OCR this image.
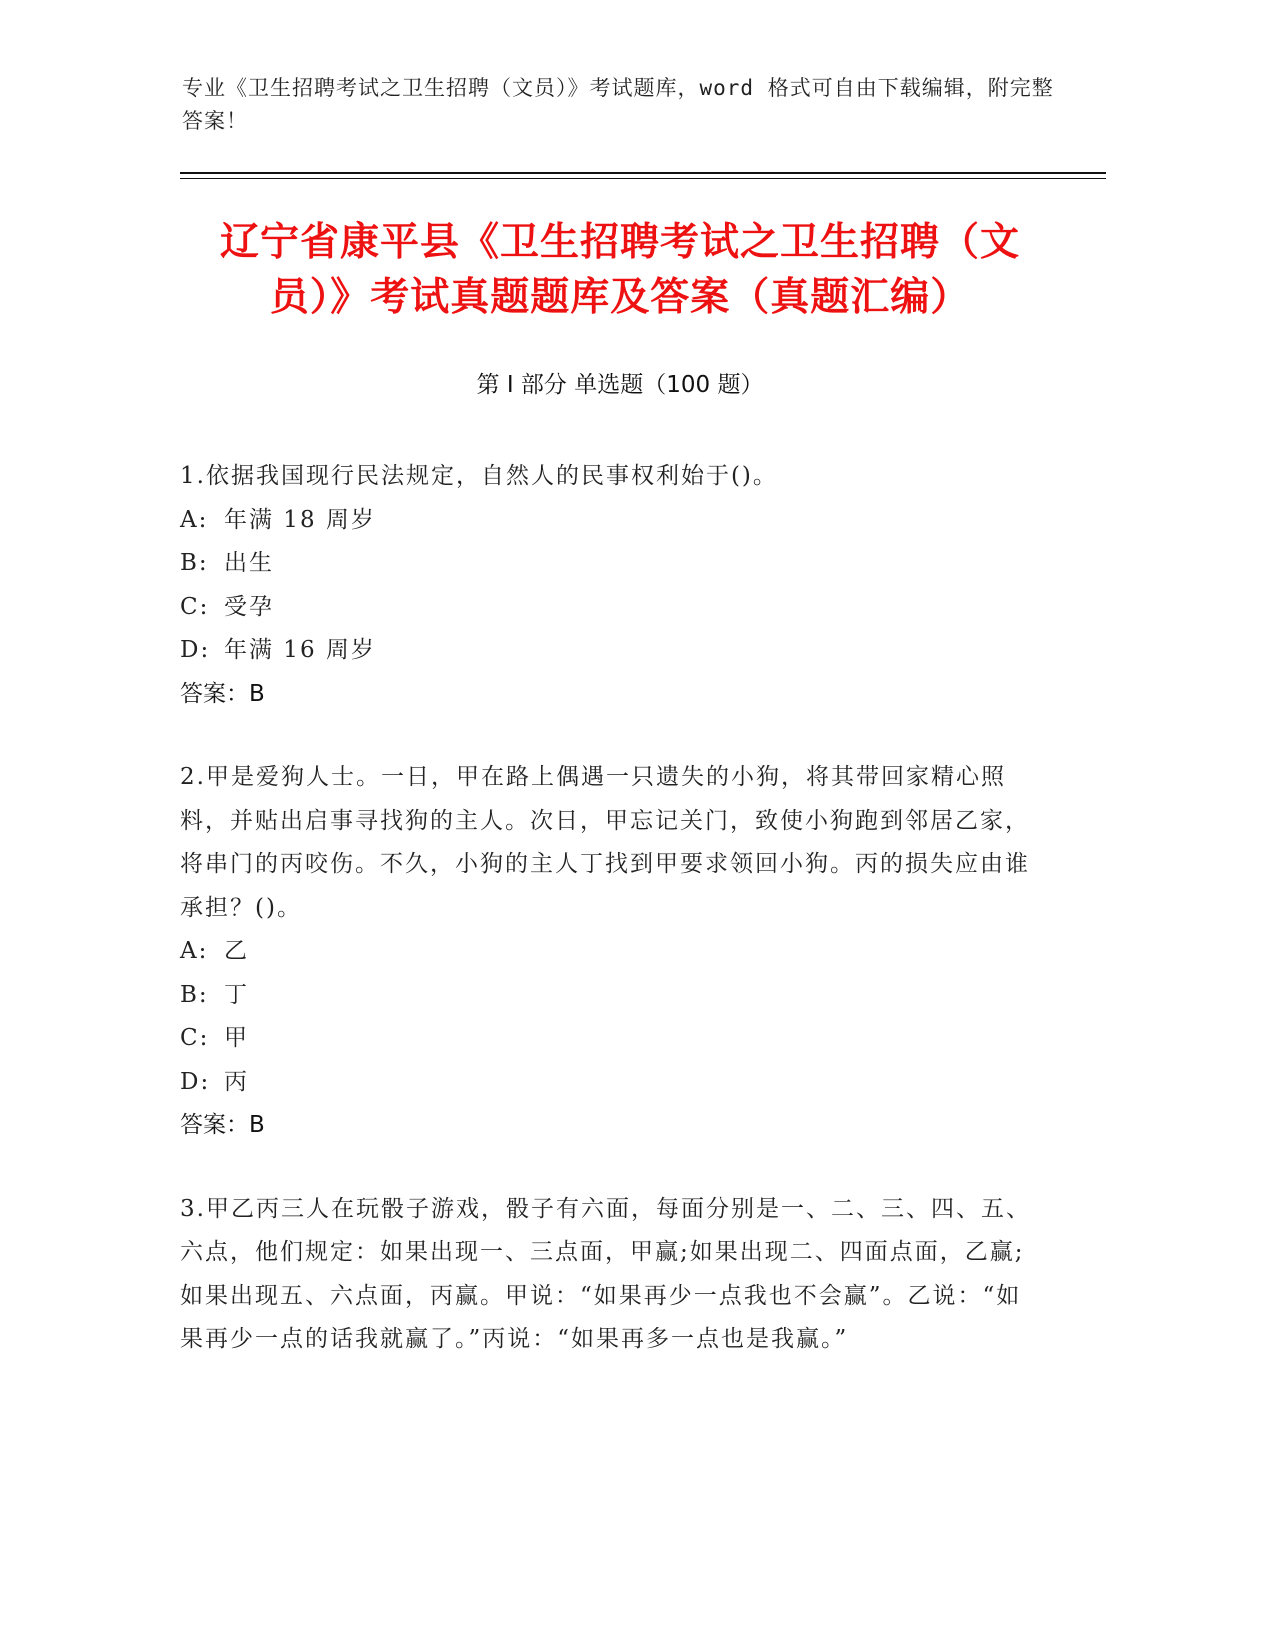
专业《卫生招聘考试之卫生招聘（文员）》考试题库，word 格式可自由下载编辑，附完整答案！
辽宁省康平县《卫生招聘考试之卫生招聘（文员）》考试真题题库及答案（真题汇编）
第 I 部分 单选题（100 题）
1.依据我国现行民法规定，自然人的民事权利始于()。
A: 年满 18 周岁
B: 出生
C: 受孕
D: 年满 16 周岁
答案：B
2.甲是爱狗人士。一日，甲在路上偶遇一只遗失的小狗，将其带回家精心照料，并贴出启事寻找狗的主人。次日，甲忘记关门，致使小狗跑到邻居乙家，将串门的丙咬伤。不久，小狗的主人丁找到甲要求领回小狗。丙的损失应由谁承担？()。
A: 乙
B: 丁
C: 甲
D: 丙
答案：B
3.甲乙丙三人在玩骰子游戏，骰子有六面，每面分别是一、二、三、四、五、六点，他们规定：如果出现一、三点面，甲赢;如果出现二、四面点面，乙赢;如果出现五、六点面，丙赢。甲说：“如果再少一点我也不会赢”。乙说：“如果再少一点的话我就赢了。”丙说：“如果再多一点也是我赢。”
